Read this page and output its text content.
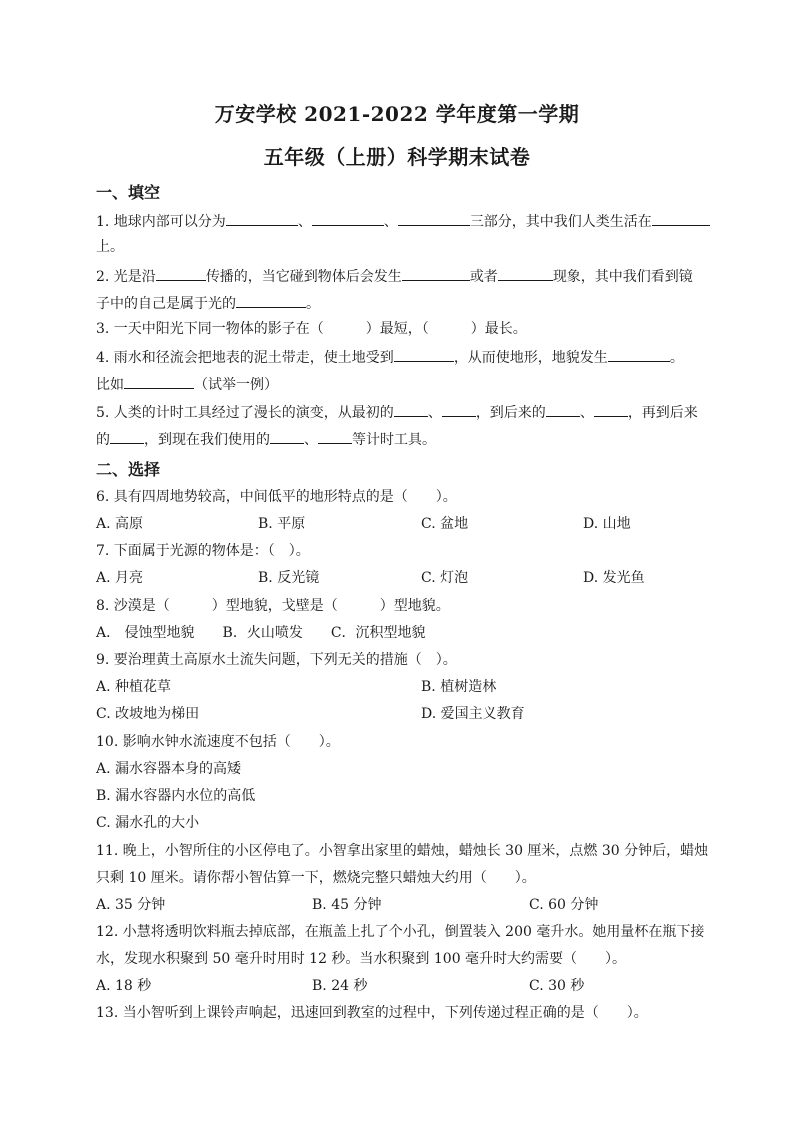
万安学校 2021-2022 学年度第一学期
五年级（上册）科学期末试卷
一、填空
1. 地球内部可以分为	、	、	三部分，其中我们人类生活在
上。
2. 光是沿	传播的，当它碰到物体后会发生	或者	现象，其中我们看到镜
子中的自己是属于光的	。
3. 一天中阳光下同一物体的影子在（　　　）最短，（　　　）最长。
4. 雨水和径流会把地表的泥土带走，使土地受到	，从而使地形，地貌发生	。
比如	（试举一例）
5. 人类的计时工具经过了漫长的演变，从最初的 、 ，到后来的 、 ，再到后来
的 ，到现在我们使用的 、 等计时工具。
二、选择
6. 具有四周地势较高，中间低平的地形特点的是（　　）。
A. 高原	B. 平原	C. 盆地	D. 山地
7. 下面属于光源的物体是：（　）。
A. 月亮	B. 反光镜	C. 灯泡	D. 发光鱼
8. 沙漠是（　　　）型地貌，戈壁是（　　　）型地貌。
A． 侵蚀型地貌　　B．火山喷发　　C．沉积型地貌
9. 要治理黄土高原水土流失问题，下列无关的措施（　）。
A. 种植花草	B. 植树造林
C. 改坡地为梯田	D. 爱国主义教育
10. 影响水钟水流速度不包括（　　）。
A. 漏水容器本身的高矮
B. 漏水容器内水位的高低
C. 漏水孔的大小
11. 晚上，小智所住的小区停电了。小智拿出家里的蜡烛，蜡烛长 30 厘米，点燃 30 分钟后，蜡烛
只剩 10 厘米。请你帮小智估算一下，燃烧完整只蜡烛大约用（　　）。
A. 35 分钟	B. 45 分钟	C. 60 分钟
12. 小慧将透明饮料瓶去掉底部，在瓶盖上扎了个小孔，倒置装入 200 毫升水。她用量杯在瓶下接
水，发现水积聚到 50 毫升时用时 12 秒。当水积聚到 100 毫升时大约需要（　　）。
A. 18 秒	B. 24 秒	C. 30 秒
13. 当小智听到上课铃声响起，迅速回到教室的过程中，下列传递过程正确的是（　　）。
